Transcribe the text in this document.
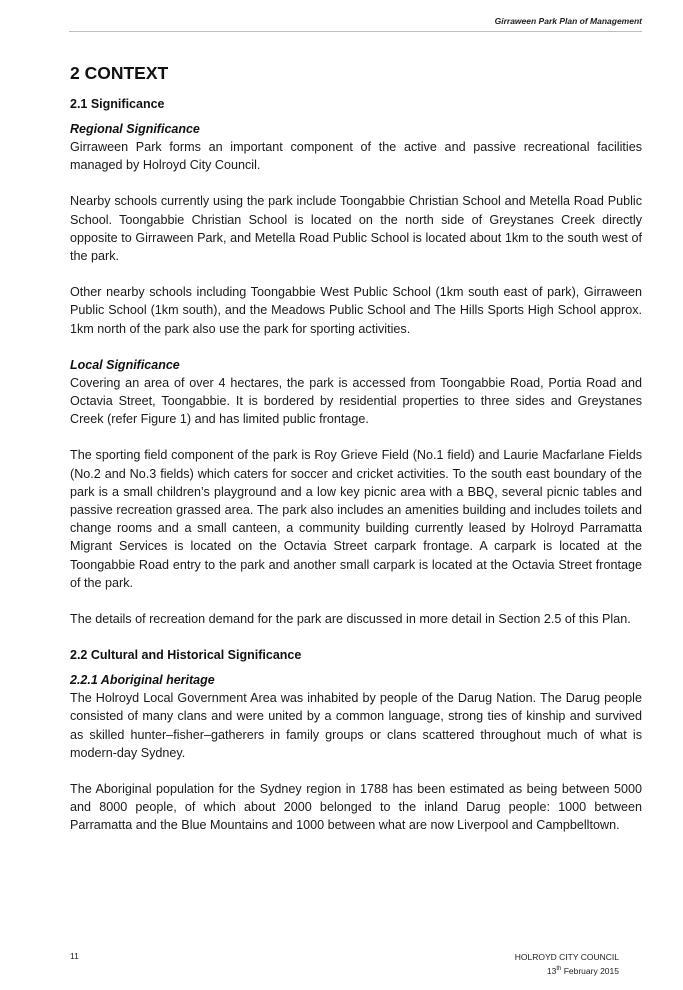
Girraween Park Plan of Management
2 CONTEXT
2.1 Significance
Regional Significance

Girraween Park forms an important component of the active and passive recreational facilities managed by Holroyd City Council.

Nearby schools currently using the park include Toongabbie Christian School and Metella Road Public School. Toongabbie Christian School is located on the north side of Greystanes Creek directly opposite to Girraween Park, and Metella Road Public School is located about 1km to the south west of the park.

Other nearby schools including Toongabbie West Public School (1km south east of park), Girraween Public School (1km south), and the Meadows Public School and The Hills Sports High School approx. 1km north of the park also use the park for sporting activities.

Local Significance

Covering an area of over 4 hectares, the park is accessed from Toongabbie Road, Portia Road and Octavia Street, Toongabbie. It is bordered by residential properties to three sides and Greystanes Creek (refer Figure 1) and has limited public frontage.

The sporting field component of the park is Roy Grieve Field (No.1 field) and Laurie Macfarlane Fields (No.2 and No.3 fields) which caters for soccer and cricket activities. To the south east boundary of the park is a small children’s playground and a low key picnic area with a BBQ, several picnic tables and passive recreation grassed area. The park also includes an amenities building and includes toilets and change rooms and a small canteen, a community building currently leased by Holroyd Parramatta Migrant Services is located on the Octavia Street carpark frontage. A carpark is located at the Toongabbie Road entry to the park and another small carpark is located at the Octavia Street frontage of the park.

The details of recreation demand for the park are discussed in more detail in Section 2.5 of this Plan.

2.2 Cultural and Historical Significance
2.2.1 Aboriginal heritage

The Holroyd Local Government Area was inhabited by people of the Darug Nation. The Darug people consisted of many clans and were united by a common language, strong ties of kinship and survived as skilled hunter–fisher–gatherers in family groups or clans scattered throughout much of what is modern-day Sydney.

The Aboriginal population for the Sydney region in 1788 has been estimated as being between 5000 and 8000 people, of which about 2000 belonged to the inland Darug people: 1000 between Parramatta and the Blue Mountains and 1000 between what are now Liverpool and Campbelltown.

11	HOLROYD CITY COUNCIL
13th February 2015
